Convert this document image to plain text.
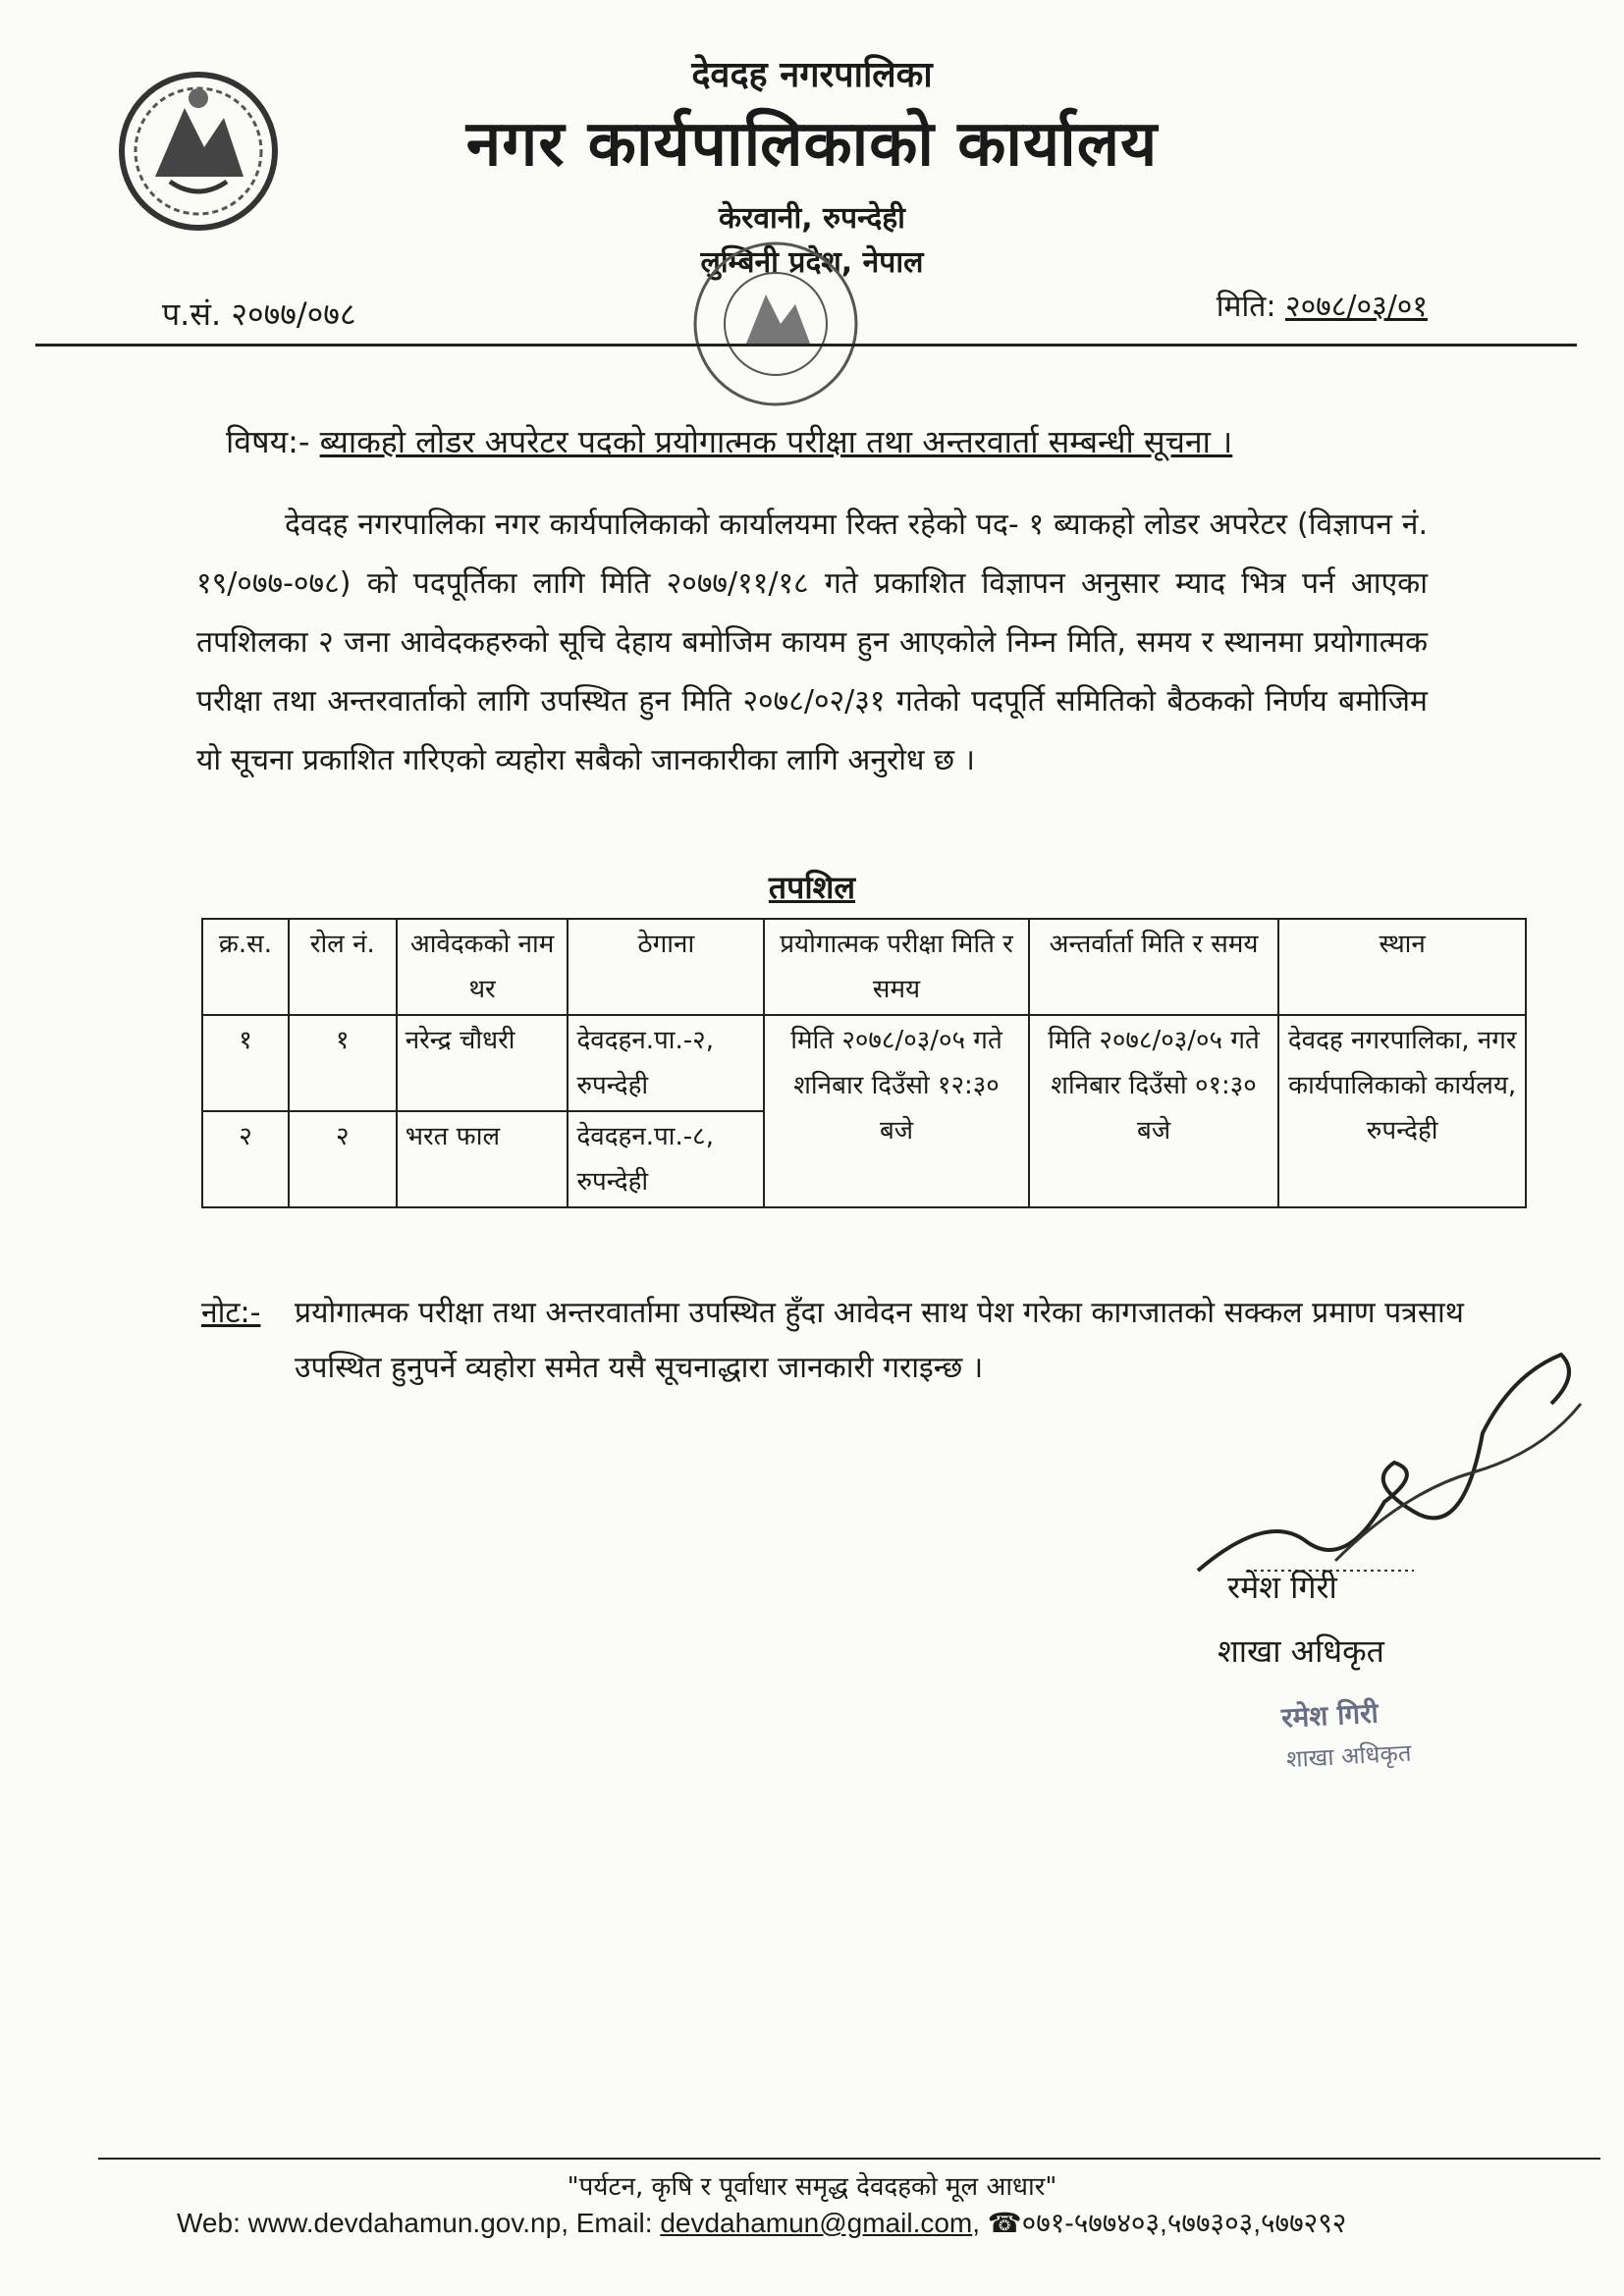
देवदह नगरपालिका
नगर कार्यपालिकाको कार्यालय
केरवानी, रुपन्देही
लुम्बिनी प्रदेश, नेपाल
प.सं. २०७७/०७८	मिति: २०७८/०३/०१
विषय:- ब्याकहो लोडर अपरेटर पदको प्रयोगात्मक परीक्षा तथा अन्तरवार्ता सम्बन्धी सूचना ।
देवदह नगरपालिका नगर कार्यपालिकाको कार्यालयमा रिक्त रहेको पद- १ ब्याकहो लोडर अपरेटर (विज्ञापन नं. १९/०७७-०७८) को पदपूर्तिका लागि मिति २०७७/११/१८ गते प्रकाशित विज्ञापन अनुसार म्याद भित्र पर्न आएका तपशिलका २ जना आवेदकहरुको सूचि देहाय बमोजिम कायम हुन आएकोले निम्न मिति, समय र स्थानमा प्रयोगात्मक परीक्षा तथा अन्तरवार्ताको लागि उपस्थित हुन मिति २०७८/०२/३१ गतेको पदपूर्ति समितिको बैठकको निर्णय बमोजिम यो सूचना प्रकाशित गरिएको व्यहोरा सबैको जानकारीका लागि अनुरोध छ ।
तपशिल
क्र.स.	रोल नं.	आवेदकको नाम थर	ठेगाना	प्रयोगात्मक परीक्षा मिति र समय	अन्तर्वार्ता मिति र समय	स्थान
१	१	नरेन्द्र चौधरी	देवदहन.पा.-२, रुपन्देही	मिति २०७८/०३/०५ गते शनिबार दिउँसो १२:३० बजे	मिति २०७८/०३/०५ गते शनिबार दिउँसो ०१:३० बजे	देवदह नगरपालिका, नगर कार्यपालिकाको कार्यलय, रुपन्देही
२	२	भरत फाल	देवदहन.पा.-८, रुपन्देही			
नोट:- प्रयोगात्मक परीक्षा तथा अन्तरवार्तामा उपस्थित हुँदा आवेदन साथ पेश गरेका कागजातको सक्कल प्रमाण पत्रसाथ उपस्थित हुनुपर्ने व्यहोरा समेत यसै सूचनाद्धारा जानकारी गराइन्छ ।
रमेश गिरी
शाखा अधिकृत
रमेश गिरी
शाखा अधिकृत
"पर्यटन, कृषि र पूर्वाधार समृद्ध देवदहको मूल आधार"
Web: www.devdahamun.gov.np, Email: devdahamun@gmail.com, ☎०७१-५७७४०३,५७७३०३,५७७२९२
